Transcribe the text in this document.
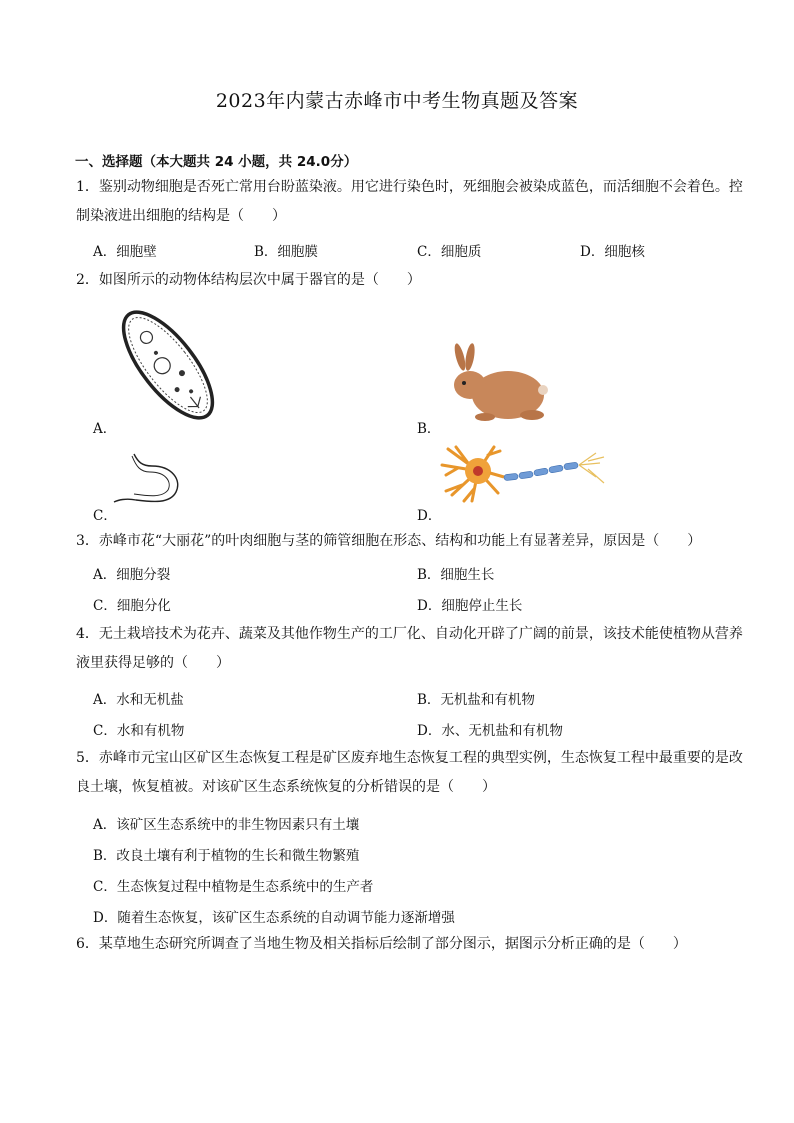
2023年内蒙古赤峰市中考生物真题及答案
一、选择题（本大题共 24 小题，共 24.0分）
1．鉴别动物细胞是否死亡常用台盼蓝染液。用它进行染色时，死细胞会被染成蓝色，而活细胞不会着色。控
制染液进出细胞的结构是（　　）
A．细胞壁	B．细胞膜	C．细胞质	D．细胞核
2．如图所示的动物体结构层次中属于器官的是（　　）
A．	B．
C．	D．
3．赤峰市花“大丽花”的叶肉细胞与茎的筛管细胞在形态、结构和功能上有显著差异，原因是（　　）
A．细胞分裂	B．细胞生长
C．细胞分化	D．细胞停止生长
4．无土栽培技术为花卉、蔬菜及其他作物生产的工厂化、自动化开辟了广阔的前景，该技术能使植物从营养
液里获得足够的（　　）
A．水和无机盐	B．无机盐和有机物
C．水和有机物	D．水、无机盐和有机物
5．赤峰市元宝山区矿区生态恢复工程是矿区废弃地生态恢复工程的典型实例，生态恢复工程中最重要的是改
良土壤，恢复植被。对该矿区生态系统恢复的分析错误的是（　　）
A．该矿区生态系统中的非生物因素只有土壤
B．改良土壤有利于植物的生长和微生物繁殖
C．生态恢复过程中植物是生态系统中的生产者
D．随着生态恢复，该矿区生态系统的自动调节能力逐渐增强
6．某草地生态研究所调查了当地生物及相关指标后绘制了部分图示，据图示分析正确的是（　　）
